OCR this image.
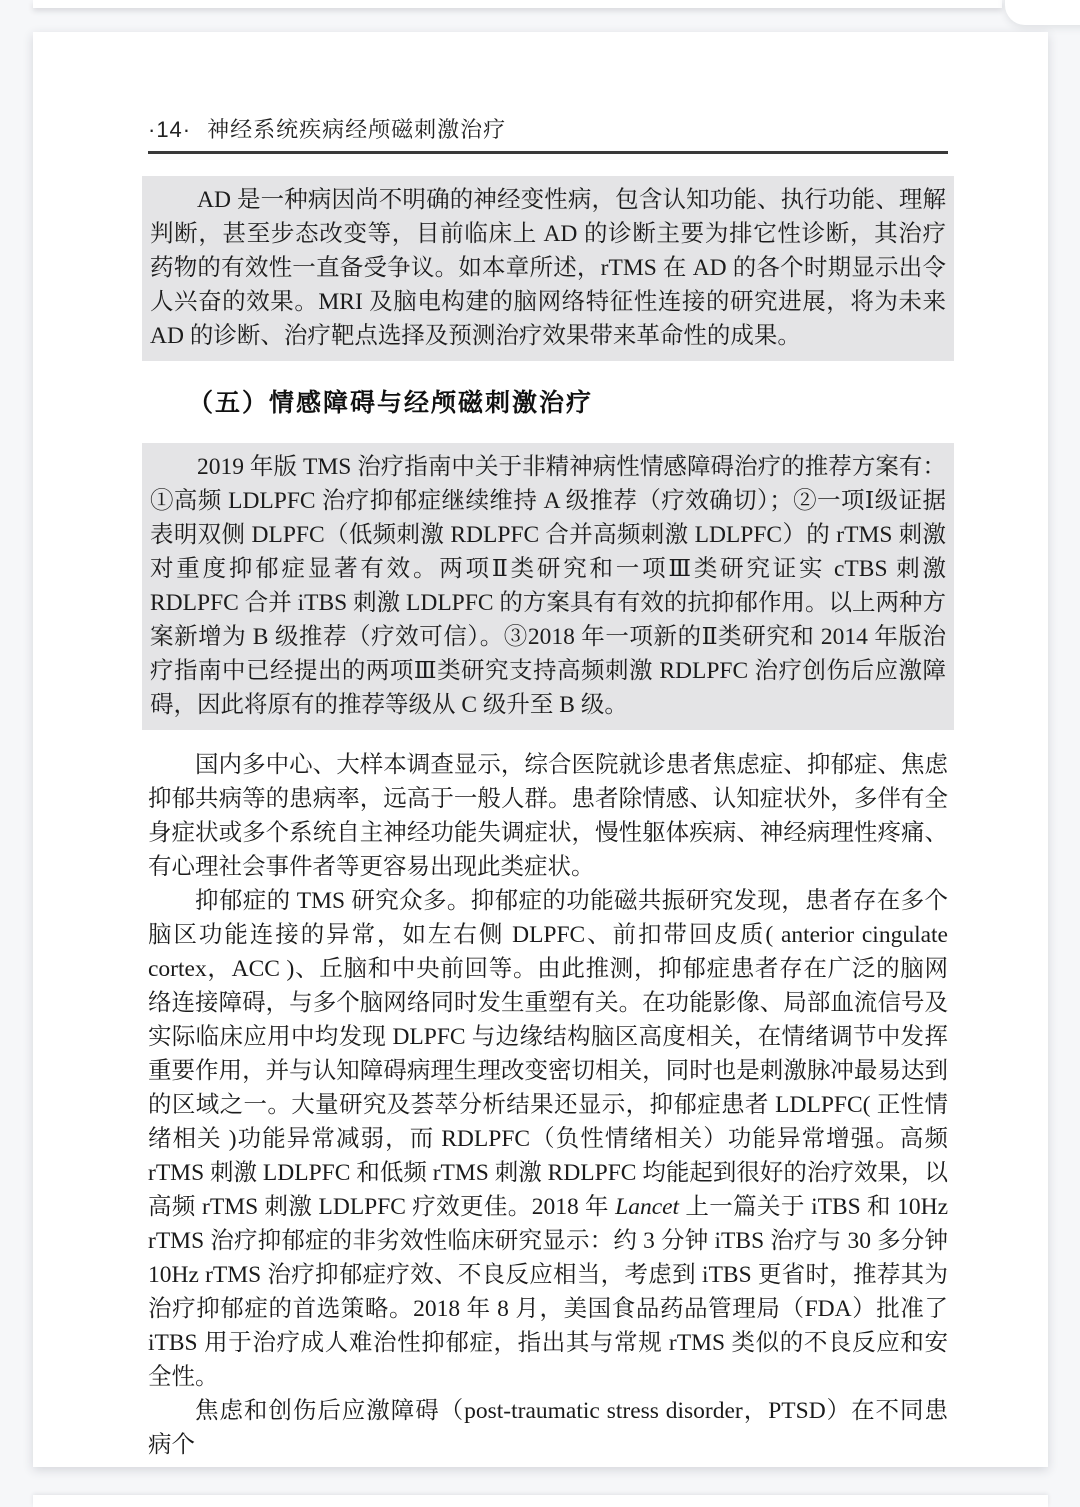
·14· 神经系统疾病经颅磁刺激治疗
AD 是一种病因尚不明确的神经变性病，包含认知功能、执行功能、理解判断，甚至步态改变等，目前临床上 AD 的诊断主要为排它性诊断，其治疗药物的有效性一直备受争议。如本章所述，rTMS 在 AD 的各个时期显示出令人兴奋的效果。MRI 及脑电构建的脑网络特征性连接的研究进展，将为未来 AD 的诊断、治疗靶点选择及预测治疗效果带来革命性的成果。
（五）情感障碍与经颅磁刺激治疗
2019 年版 TMS 治疗指南中关于非精神病性情感障碍治疗的推荐方案有：①高频 LDLPFC 治疗抑郁症继续维持 A 级推荐（疗效确切）；②一项Ⅰ级证据表明双侧 DLPFC（低频刺激 RDLPFC 合并高频刺激 LDLPFC）的 rTMS 刺激对重度抑郁症显著有效。两项Ⅱ类研究和一项Ⅲ类研究证实 cTBS 刺激 RDLPFC 合并 iTBS 刺激 LDLPFC 的方案具有有效的抗抑郁作用。以上两种方案新增为 B 级推荐（疗效可信）。③2018 年一项新的Ⅱ类研究和 2014 年版治疗指南中已经提出的两项Ⅲ类研究支持高频刺激 RDLPFC 治疗创伤后应激障碍，因此将原有的推荐等级从 C 级升至 B 级。

国内多中心、大样本调查显示，综合医院就诊患者焦虑症、抑郁症、焦虑抑郁共病等的患病率，远高于一般人群。患者除情感、认知症状外，多伴有全身症状或多个系统自主神经功能失调症状，慢性躯体疾病、神经病理性疼痛、有心理社会事件者等更容易出现此类症状。

抑郁症的 TMS 研究众多。抑郁症的功能磁共振研究发现，患者存在多个脑区功能连接的异常，如左右侧 DLPFC、前扣带回皮质( anterior cingulate cortex，ACC )、丘脑和中央前回等。由此推测，抑郁症患者存在广泛的脑网络连接障碍，与多个脑网络同时发生重塑有关。在功能影像、局部血流信号及实际临床应用中均发现 DLPFC 与边缘结构脑区高度相关，在情绪调节中发挥重要作用，并与认知障碍病理生理改变密切相关，同时也是刺激脉冲最易达到的区域之一。大量研究及荟萃分析结果还显示，抑郁症患者 LDLPFC( 正性情绪相关 )功能异常减弱，而 RDLPFC（负性情绪相关）功能异常增强。高频 rTMS 刺激 LDLPFC 和低频 rTMS 刺激 RDLPFC 均能起到很好的治疗效果，以高频 rTMS 刺激 LDLPFC 疗效更佳。2018 年 Lancet 上一篇关于 iTBS 和 10Hz rTMS 治疗抑郁症的非劣效性临床研究显示：约 3 分钟 iTBS 治疗与 30 多分钟 10Hz rTMS 治疗抑郁症疗效、不良反应相当，考虑到 iTBS 更省时，推荐其为治疗抑郁症的首选策略。2018 年 8 月，美国食品药品管理局（FDA）批准了 iTBS 用于治疗成人难治性抑郁症，指出其与常规 rTMS 类似的不良反应和安全性。

焦虑和创伤后应激障碍（post-traumatic stress disorder，PTSD）在不同患病个
